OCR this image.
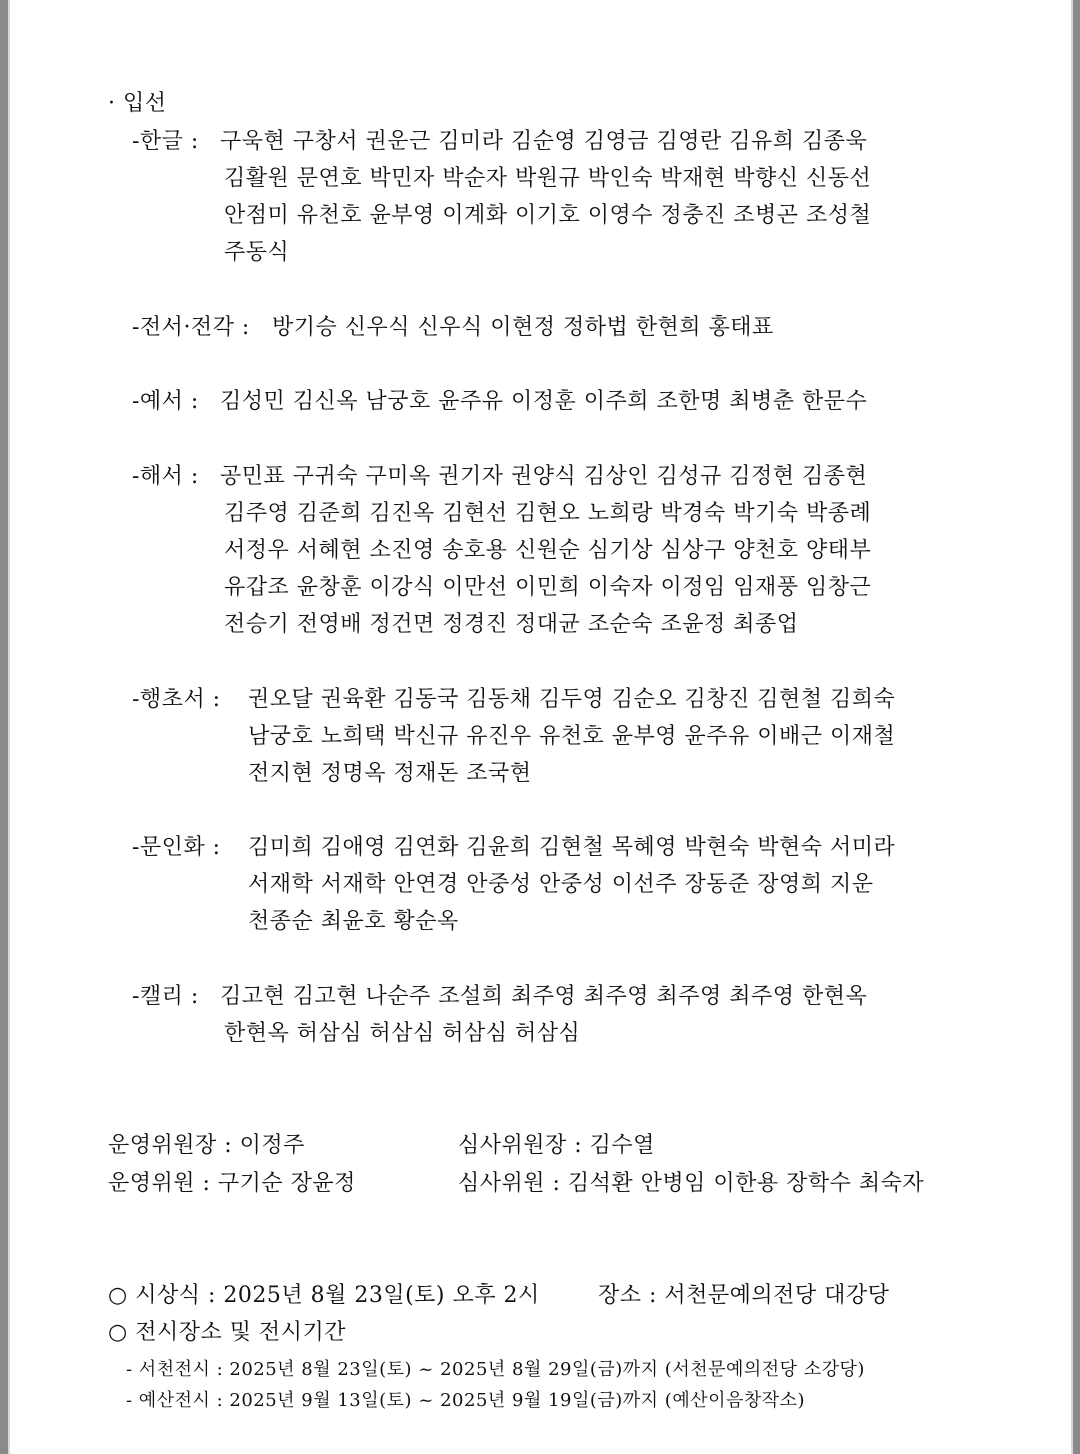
· 입선
-한글 : 구욱현 구창서 권운근 김미라 김순영 김영금 김영란 김유희 김종욱
김활원 문연호 박민자 박순자 박원규 박인숙 박재현 박향신 신동선
안점미 유천호 윤부영 이계화 이기호 이영수 정충진 조병곤 조성철
주동식
-전서·전각 : 방기승 신우식 신우식 이현정 정하법 한현희 홍태표
-예서 : 김성민 김신옥 남궁호 윤주유 이정훈 이주희 조한명 최병춘 한문수
-해서 : 공민표 구귀숙 구미옥 권기자 권양식 김상인 김성규 김정현 김종현
김주영 김준희 김진옥 김현선 김현오 노희랑 박경숙 박기숙 박종례
서정우 서혜현 소진영 송호용 신원순 심기상 심상구 양천호 양태부
유갑조 윤창훈 이강식 이만선 이민희 이숙자 이정임 임재풍 임창근
전승기 전영배 정건면 정경진 정대균 조순숙 조윤정 최종업
-행초서 : 권오달 권육환 김동국 김동채 김두영 김순오 김창진 김현철 김희숙
남궁호 노희택 박신규 유진우 유천호 윤부영 윤주유 이배근 이재철
전지현 정명옥 정재돈 조국현
-문인화 : 김미희 김애영 김연화 김윤희 김현철 목혜영 박현숙 박현숙 서미라
서재학 서재학 안연경 안중성 안중성 이선주 장동준 장영희 지운
천종순 최윤호 황순옥
-캘리 : 김고현 김고현 나순주 조설희 최주영 최주영 최주영 최주영 한현옥
한현옥 허삼심 허삼심 허삼심 허삼심
운영위원장 : 이정주	심사위원장 : 김수열
운영위원 : 구기순 장윤정	심사위원 : 김석환 안병임 이한용 장학수 최숙자
○ 시상식 : 2025년 8월 23일(토) 오후 2시	장소 : 서천문예의전당 대강당
○ 전시장소 및 전시기간
- 서천전시 : 2025년 8월 23일(토) ~ 2025년 8월 29일(금)까지 (서천문예의전당 소강당)
- 예산전시 : 2025년 9월 13일(토) ~ 2025년 9월 19일(금)까지 (예산이음창작소)
